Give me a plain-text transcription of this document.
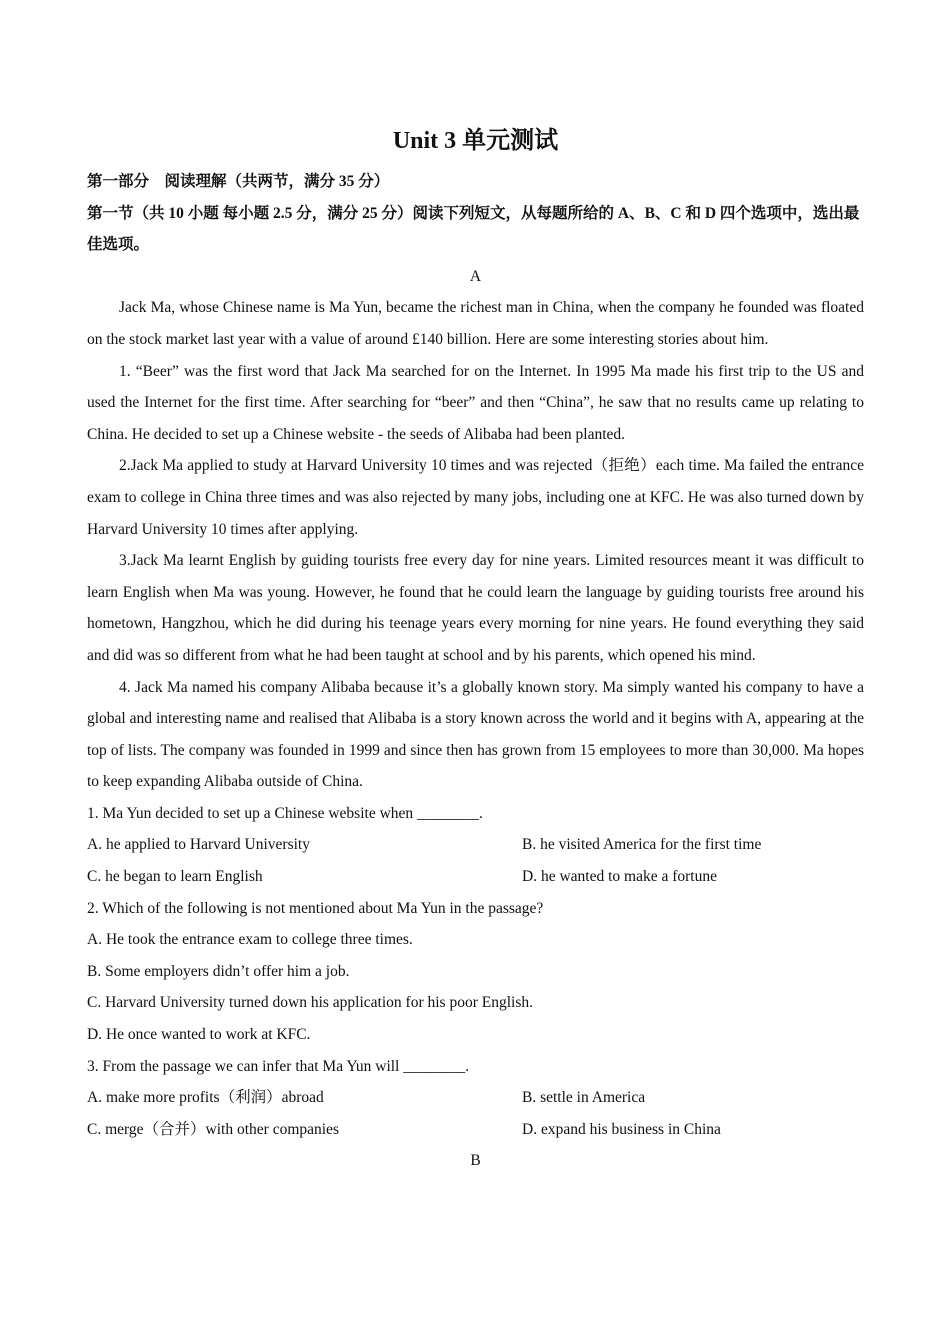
Unit 3 单元测试

第一部分　阅读理解（共两节，满分 35 分）

第一节（共 10 小题 每小题 2.5 分，满分 25 分）阅读下列短文，从每题所给的 A、B、C 和 D 四个选项中，选出最佳选项。

A

Jack Ma, whose Chinese name is Ma Yun, became the richest man in China, when the company he founded was floated on the stock market last year with a value of around £140 billion. Here are some interesting stories about him.

1. “Beer” was the first word that Jack Ma searched for on the Internet. In 1995 Ma made his first trip to the US and used the Internet for the first time. After searching for “beer” and then “China”, he saw that no results came up relating to China. He decided to set up a Chinese website - the seeds of Alibaba had been planted.

2.Jack Ma applied to study at Harvard University 10 times and was rejected（拒绝）each time. Ma failed the entrance exam to college in China three times and was also rejected by many jobs, including one at KFC. He was also turned down by Harvard University 10 times after applying.

3.Jack Ma learnt English by guiding tourists free every day for nine years. Limited resources meant it was difficult to learn English when Ma was young. However, he found that he could learn the language by guiding tourists free around his hometown, Hangzhou, which he did during his teenage years every morning for nine years. He found everything they said and did was so different from what he had been taught at school and by his parents, which opened his mind.

4. Jack Ma named his company Alibaba because it’s a globally known story. Ma simply wanted his company to have a global and interesting name and realised that Alibaba is a story known across the world and it begins with A, appearing at the top of lists. The company was founded in 1999 and since then has grown from 15 employees to more than 30,000. Ma hopes to keep expanding Alibaba outside of China.

1. Ma Yun decided to set up a Chinese website when ________.

A. he applied to Harvard University	B. he visited America for the first time
C. he began to learn English	D. he wanted to make a fortune

2. Which of the following is not mentioned about Ma Yun in the passage?

A. He took the entrance exam to college three times.

B. Some employers didn’t offer him a job.

C. Harvard University turned down his application for his poor English.

D. He once wanted to work at KFC.

3. From the passage we can infer that Ma Yun will ________.

A. make more profits（利润）abroad	B. settle in America
C. merge（合并）with other companies	D. expand his business in China

B
